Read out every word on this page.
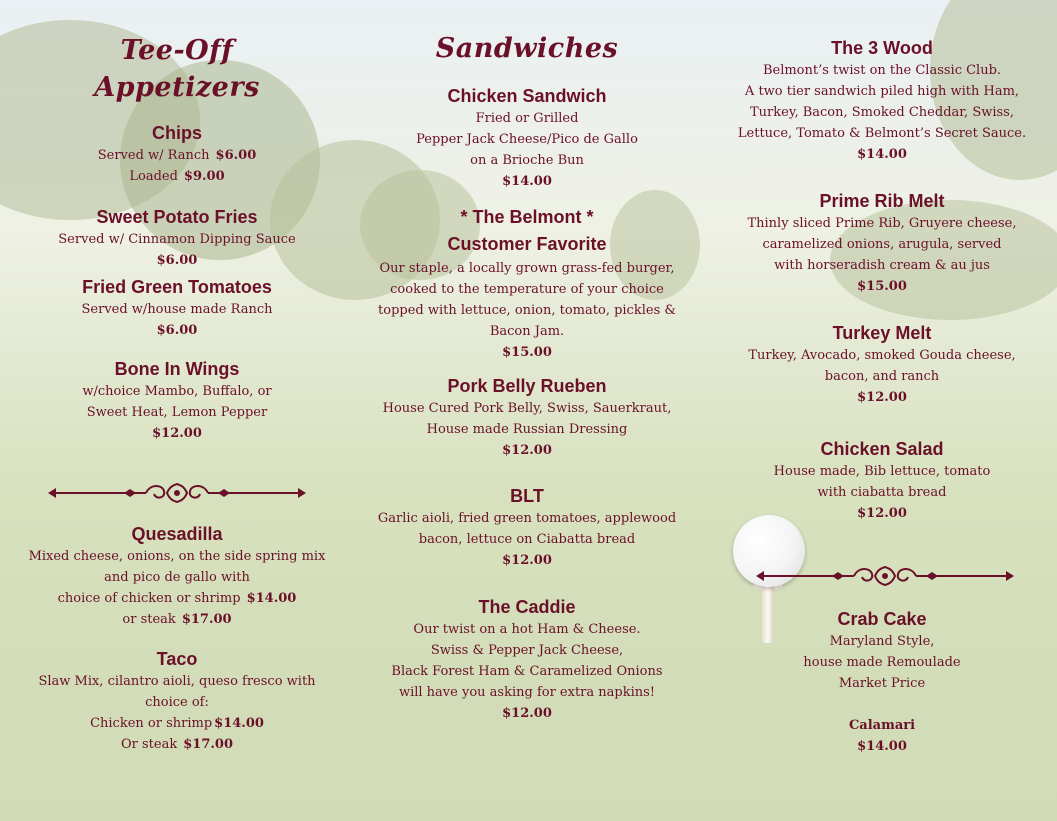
Tee-Off
Appetizers
Chips
Served w/ Ranch $6.00
Loaded $9.00
Sweet Potato Fries
Served w/ Cinnamon Dipping Sauce
$6.00
Fried Green Tomatoes
Served w/house made Ranch
$6.00
Bone In Wings
w/choice Mambo, Buffalo, or
Sweet Heat, Lemon Pepper
$12.00
Quesadilla
Mixed cheese, onions, on the side spring mix
and pico de gallo with
choice of chicken or shrimp $14.00
or steak $17.00
Taco
Slaw Mix, cilantro aioli, queso fresco with
choice of:
Chicken or shrimp $14.00
Or steak $17.00
Sandwiches
Chicken Sandwich
Fried or Grilled
Pepper Jack Cheese/Pico de Gallo
on a Brioche Bun
$14.00
* The Belmont *
Customer Favorite
Our staple, a locally grown grass-fed burger,
cooked to the temperature of your choice
topped with lettuce, onion, tomato, pickles &
Bacon Jam.
$15.00
Pork Belly Rueben
House Cured Pork Belly, Swiss, Sauerkraut,
House made Russian Dressing
$12.00
BLT
Garlic aioli, fried green tomatoes, applewood
bacon, lettuce on Ciabatta bread
$12.00
The Caddie
Our twist on a hot Ham & Cheese.
Swiss & Pepper Jack Cheese,
Black Forest Ham & Caramelized Onions
will have you asking for extra napkins!
$12.00
The 3 Wood
Belmont’s twist on the Classic Club.
A two tier sandwich piled high with Ham,
Turkey, Bacon, Smoked Cheddar, Swiss,
Lettuce, Tomato & Belmont’s Secret Sauce.
$14.00
Prime Rib Melt
Thinly sliced Prime Rib, Gruyere cheese,
caramelized onions, arugula, served
with horseradish cream & au jus
$15.00
Turkey Melt
Turkey, Avocado, smoked Gouda cheese,
bacon, and ranch
$12.00
Chicken Salad
House made, Bib lettuce, tomato
with ciabatta bread
$12.00
Crab Cake
Maryland Style,
house made Remoulade
Market Price
Calamari
$14.00
